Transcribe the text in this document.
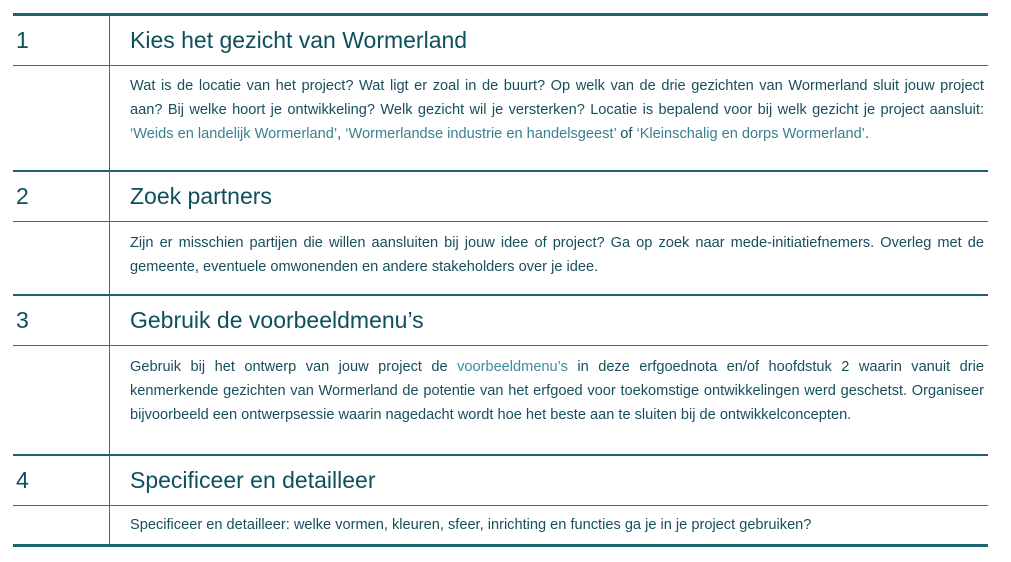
1	Kies het gezicht van Wormerland
Wat is de locatie van het project? Wat ligt er zoal in de buurt? Op welk van de drie gezichten van Wormerland sluit jouw project aan? Bij welke hoort je ontwikkeling? Welk gezicht wil je versterken? Locatie is bepalend voor bij welk gezicht je project aansluit: ‘Weids en landelijk Wormerland’, ‘Wormerlandse industrie en handelsgeest’ of ‘Kleinschalig en dorps Wormerland’.
2	Zoek partners
Zijn er misschien partijen die willen aansluiten bij jouw idee of project? Ga op zoek naar mede-initiatiefnemers. Overleg met de gemeente, eventuele omwonenden en andere stakeholders over je idee.
3	Gebruik de voorbeeldmenu’s
Gebruik bij het ontwerp van jouw project de voorbeeldmenu’s in deze erfgoednota en/of hoofdstuk 2 waarin vanuit drie kenmerkende gezichten van Wormerland de potentie van het erfgoed voor toekomstige ontwikkelingen werd geschetst. Organiseer bijvoorbeeld een ontwerpsessie waarin nagedacht wordt hoe het beste aan te sluiten bij de ontwikkelconcepten.
4	Specificeer en detailleer
Specificeer en detailleer: welke vormen, kleuren, sfeer, inrichting en functies ga je in je project gebruiken?
